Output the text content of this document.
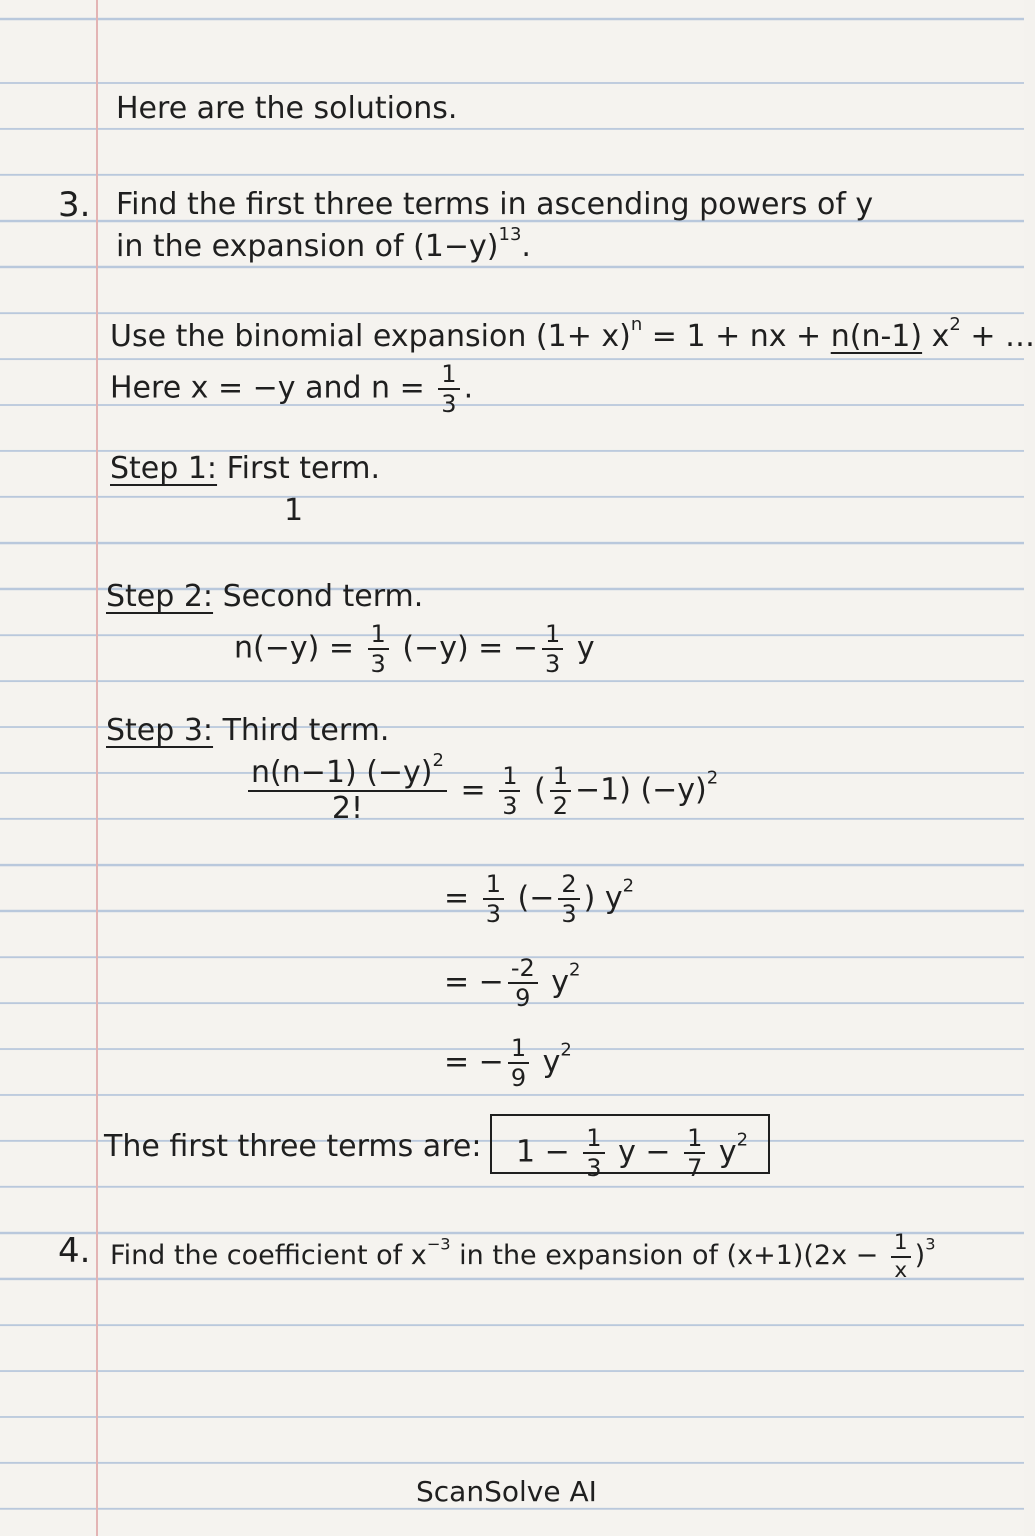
Here are the solutions.
3. Find the first three terms in ascending powers of y
in the expansion of $(1-y)^{13}$.
Use the binomial expansion $(1+ x)^n = 1$ + nx + n(n-1) $x^2$ + …
Here x = −y and $n = \frac{1}{3}$ .
Step 1: First term.
1
Step 2: Second term.
$n(-y) = \frac{1}{3} (-y)$ = − $\frac{1}{3}$ y
Step 3: Third term.
$\frac{n(n-1) (-y)^2}{2!} = \frac{1}{3}$ ( $\frac{1}{2} -1$) $(-y)^2$
= $\frac{1}{3}$ (− $\frac{2}{3}$ ) $y^2$
= − $\frac{-2}{9} y^2$
= − $\frac{1}{9} y^2$
The first three terms are: $1 - \frac{1}{3}$ $y - \frac{1}{7} y^2$
4. Find the coefficient of $x^{-3}$ in the expansion of $(x+1)(2x - \frac{1}{x} )^3$
ScanSolve AI
